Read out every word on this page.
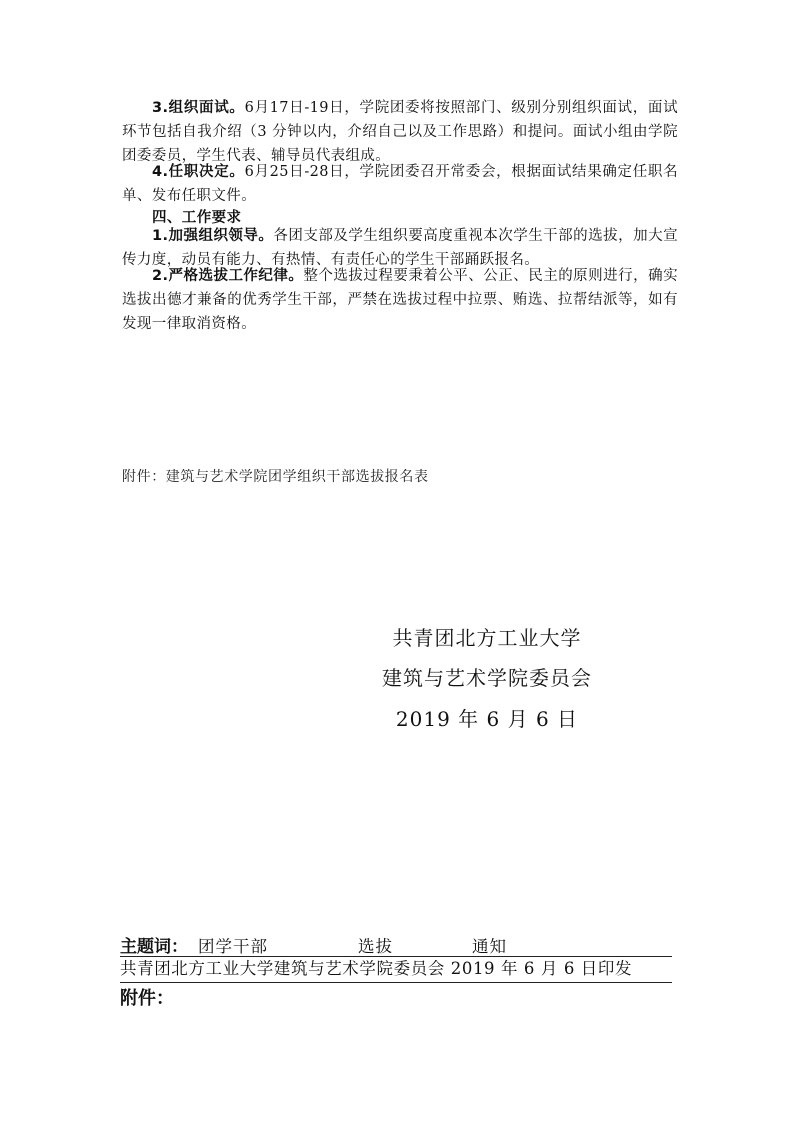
3.组织面试。6月17日-19日，学院团委将按照部门、级别分别组织面试，面试环节包括自我介绍（3 分钟以内，介绍自己以及工作思路）和提问。面试小组由学院团委委员，学生代表、辅导员代表组成。
4.任职决定。6月25日-28日，学院团委召开常委会，根据面试结果确定任职名单、发布任职文件。
四、工作要求
1.加强组织领导。各团支部及学生组织要高度重视本次学生干部的选拔，加大宣传力度，动员有能力、有热情、有责任心的学生干部踊跃报名。
2.严格选拔工作纪律。整个选拔过程要秉着公平、公正、民主的原则进行，确实选拔出德才兼备的优秀学生干部，严禁在选拔过程中拉票、贿选、拉帮结派等，如有发现一律取消资格。
附件：建筑与艺术学院团学组织干部选拔报名表
共青团北方工业大学
建筑与艺术学院委员会
2019 年 6 月 6 日
主题词： 团学干部	选拔	通知
共青团北方工业大学建筑与艺术学院委员会 2019 年 6 月 6 日印发
附件：
